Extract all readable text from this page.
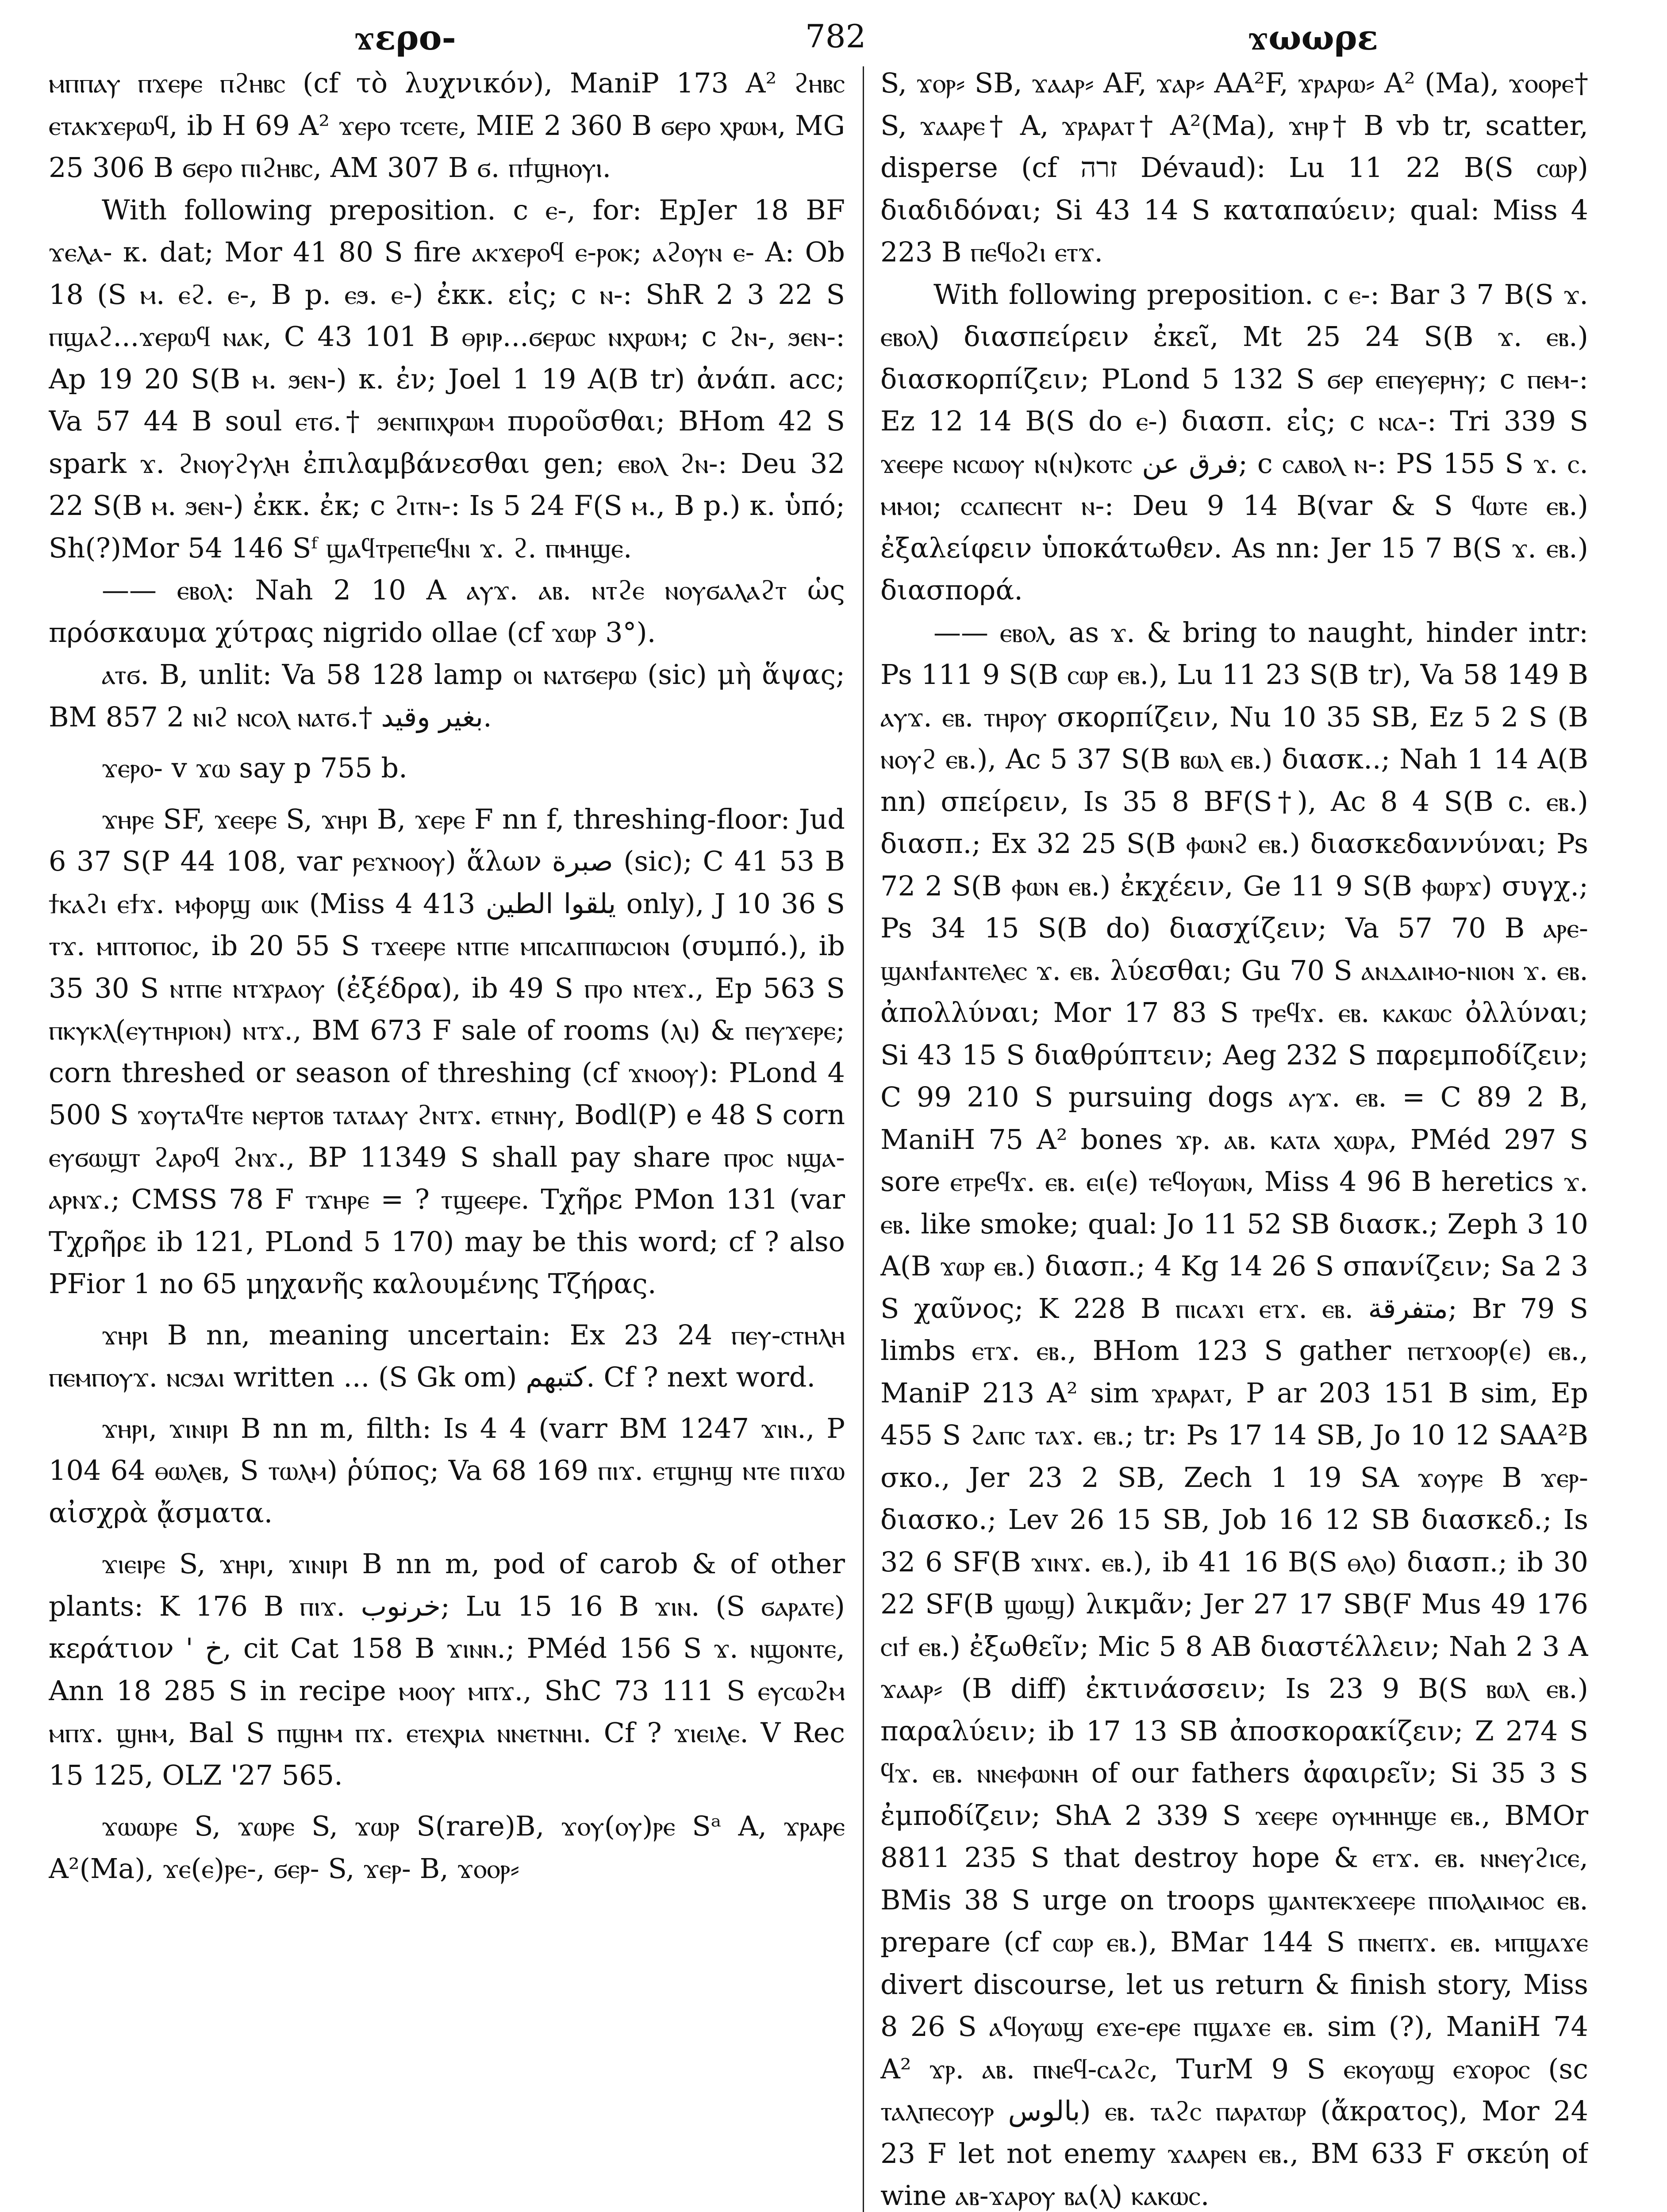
ϫερο-	782	ϫωωρε

ⲙⲡⲡⲁⲩ ⲡϫⲉⲣⲉ ⲡϩⲏⲃⲥ (cf τὸ λυχνικόν), ManiP 173 A² ϩⲏⲃⲥ ⲉⲧⲁⲕϫⲉⲣⲱϥ, ib H 69 A² ϫⲉⲣⲟ ⲧⲥⲉⲧⲉ, MIE 2 360 B ϭⲉⲣⲟ ⲭⲣⲱⲙ, MG 25 306 B ϭⲉⲣⲟ ⲡⲓϩⲏⲃⲥ, AM 307 B ϭ. ⲡϯϣⲏⲟⲩⲓ.

With following preposition. c ⲉ-, for: EpJer 18 BF ϫⲉⲗⲁ- κ. dat; Mor 41 80 S fire ⲁⲕϫⲉⲣⲟϥ ⲉ-ⲣⲟⲕ; ⲁϩⲟⲩⲛ ⲉ- A: Ob 18 (S ⲙ. ⲉϩ. ⲉ-, B p. ⲉϧ. ⲉ-) ἐκκ. εἰς; c ⲛ-: ShR 2 3 22 S ⲡϣⲁϩ...ϫⲉⲣⲱϥ ⲛⲁⲕ, C 43 101 B ⲑⲣⲓⲣ...ϭⲉⲣⲱⲥ ⲛⲭⲣⲱⲙ; c ϩⲛ-, ϧⲉⲛ-: Ap 19 20 S(B ⲙ. ϧⲉⲛ-) κ. ἐν; Joel 1 19 A(B tr) ἀνάπ. acc; Va 57 44 B soul ⲉⲧϭ.† ϧⲉⲛⲡⲓⲭⲣⲱⲙ πυροῦσθαι; BHom 42 S spark ϫ. ϩⲛⲟⲩϩⲩⲗⲏ ἐπιλαμβάνεσθαι gen; ⲉⲃⲟⲗ ϩⲛ-: Deu 32 22 S(B ⲙ. ϧⲉⲛ-) ἐκκ. ἐκ; c ϩⲓⲧⲛ-: Is 5 24 F(S ⲙ., B p.) κ. ὑπό; Sh(?)Mor 54 146 Sᶠ ϣⲁϥⲧⲣⲉⲡⲉϥⲛⲓ ϫ. ϩ. ⲡⲙⲏϣⲉ.

—— ⲉⲃⲟⲗ: Nah 2 10 A ⲁⲩϫ. ⲁⲃ. ⲛⲧϩⲉ ⲛⲟⲩϭⲁⲗⲁϩⲧ ὡς πρόσκαυμα χύτρας nigrido ollae (cf ϫⲱⲣ 3°).

ⲁⲧϭ. B, unlit: Va 58 128 lamp ⲟⲓ ⲛⲁⲧϭⲉⲣⲱ (sic) μὴ ἅψας; BM 857 2 ⲛⲓϩ ⲛⲥⲟⲗ ⲛⲁⲧϭ.† بغير وقيد.

ϫⲉⲣⲟ- v ϫⲱ say p 755 b.

ϫⲏⲣⲉ SF, ϫⲉⲉⲣⲉ S, ϫⲏⲣⲓ B, ϫⲉⲣⲉ F nn f, threshing-floor: Jud 6 37 S(P 44 108, var ⲣⲉϫⲛⲟⲟⲩ) ἅλων صبرة (sic); C 41 53 B ϯⲕⲁϩⲓ ⲉϯϫ. ⲙⲫⲟⲣϣ ⲱⲓⲕ (Miss 4 413 يلقوا الطين only), J 10 36 S ⲧϫ. ⲙⲡⲧⲟⲡⲟⲥ, ib 20 55 S ⲧϫⲉⲉⲣⲉ ⲛⲧⲡⲉ ⲙⲡⲥⲁⲡⲡⲱⲥⲓⲟⲛ (συμπό.), ib 35 30 S ⲛⲧⲡⲉ ⲛⲧϫⲣⲁⲟⲩ (ἐξέδρα), ib 49 S ⲡⲣⲟ ⲛⲧⲉϫ., Ep 563 S ⲡⲕⲩⲕⲗ(ⲉⲩⲧⲏⲣⲓⲟⲛ) ⲛⲧϫ., BM 673 F sale of rooms (ⲗⲓ) & ⲡⲉⲩϫⲉⲣⲉ; corn threshed or season of threshing (cf ϫⲛⲟⲟⲩ): PLond 4 500 S ϫⲟⲩⲧⲁϥⲧⲉ ⲛⲉⲣⲧⲟⲃ ⲧⲁⲧⲁⲁⲩ ϩⲛⲧϫ. ⲉⲧⲛⲏⲩ, Bodl(P) e 48 S corn ⲉⲩϭⲱϣⲧ ϩⲁⲣⲟϥ ϩⲛϫ., BP 11349 S shall pay share ⲡⲣⲟⲥ ⲛϣⲁ-ⲁⲣⲛϫ.; CMSS 78 F ⲧϫⲏⲣⲉ = ? ⲧϣⲉⲉⲣⲉ. Τχῆρε PMon 131 (var Τχρῆρε ib 121, PLond 5 170) may be this word; cf ? also PFior 1 no 65 μηχανῆς καλουμένης Τζήρας.

ϫⲏⲣⲓ B nn, meaning uncertain: Ex 23 24 ⲡⲉⲩ-ⲥⲧⲏⲗⲏ ⲡⲉⲙⲡⲟⲩϫ. ⲛⲥϧⲁⲓ written ... (S Gk om) كتبهم. Cf ? next word.

ϫⲏⲣⲓ, ϫⲓⲛⲓⲣⲓ B nn m, filth: Is 4 4 (varr BM 1247 ϫⲓⲛ., P 104 64 ⲑⲱⲗⲉⲃ, S ⲧⲱⲗⲙ) ῥύπος; Va 68 169 ⲡⲓϫ. ⲉⲧϣⲏϣ ⲛⲧⲉ ⲡⲓϫⲱ αἰσχρὰ ᾄσματα.

ϫⲓⲉⲓⲣⲉ S, ϫⲏⲣⲓ, ϫⲓⲛⲓⲣⲓ B nn m, pod of carob & of other plants: K 176 B ⲡⲓϫ. خرنوب; Lu 15 16 B ϫⲓⲛ. (S ϭⲁⲣⲁⲧⲉ) κεράτιον ' خ, cit Cat 158 B ϫⲓⲛⲛ.; PMéd 156 S ϫ. ⲛϣⲟⲛⲧⲉ, Ann 18 285 S in recipe ⲙⲟⲟⲩ ⲙⲡϫ., ShC 73 111 S ⲉⲩⲥⲱϩⲙ ⲙⲡϫ. ϣⲏⲙ, Bal S ⲡϣⲏⲙ ⲡϫ. ⲉⲧⲉⲭⲣⲓⲁ ⲛⲛⲉⲧⲛⲏⲓ. Cf ? ϫⲓⲉⲓⲗⲉ. V Rec 15 125, OLZ '27 565.

ϫⲱⲱⲣⲉ S, ϫⲱⲣⲉ S, ϫⲱⲣ S(rare)B, ϫⲟⲩ(ⲟⲩ)ⲣⲉ Sᵃ A, ϫⲣⲁⲣⲉ A²(Ma), ϫⲉ(ⲉ)ⲣⲉ-, ϭⲉⲣ- S, ϫⲉⲣ- B, ϫⲟⲟⲣ⸗

S, ϫⲟⲣ⸗ SB, ϫⲁⲁⲣ⸗ AF, ϫⲁⲣ⸗ AA²F, ϫⲣⲁⲣⲱ⸗ A² (Ma), ϫⲟⲟⲣⲉ† S, ϫⲁⲁⲣⲉ† A, ϫⲣⲁⲣⲁⲧ† A²(Ma), ϫⲏⲣ† B vb tr, scatter, disperse (cf זרה Dévaud): Lu 11 22 B(S ⲥⲱⲣ) διαδιδόναι; Si 43 14 S καταπαύειν; qual: Miss 4 223 B ⲡⲉϥⲟϩⲓ ⲉⲧϫ.

With following preposition. c ⲉ-: Bar 3 7 B(S ϫ. ⲉⲃⲟⲗ) διασπείρειν ἐκεῖ, Mt 25 24 S(B ϫ. ⲉⲃ.) διασκορπίζειν; PLond 5 132 S ϭⲉⲣ ⲉⲡⲉⲩⲉⲣⲏⲩ; c ⲡⲉⲙ-: Ez 12 14 B(S do ⲉ-) διασπ. εἰς; c ⲛⲥⲁ-: Tri 339 S ϫⲉⲉⲣⲉ ⲛⲥⲱⲟⲩ ⲛ(ⲛ)ⲕⲟⲧⲥ فرق عن; c ⲥⲁⲃⲟⲗ ⲛ-: PS 155 S ϫ. ⲥ. ⲙⲙⲟⲓ; ⲥⲥⲁⲡⲉⲥⲏⲧ ⲛ-: Deu 9 14 B(var & S ϥⲱⲧⲉ ⲉⲃ.) ἐξαλείφειν ὑποκάτωθεν. As nn: Jer 15 7 B(S ϫ. ⲉⲃ.) διασπορά.

—— ⲉⲃⲟⲗ, as ϫ. & bring to naught, hinder intr: Ps 111 9 S(B ⲥⲱⲣ ⲉⲃ.), Lu 11 23 S(B tr), Va 58 149 B ⲁⲩϫ. ⲉⲃ. ⲧⲏⲣⲟⲩ σκορπίζειν, Nu 10 35 SB, Ez 5 2 S (B ⲛⲟⲩϩ ⲉⲃ.), Ac 5 37 S(B ⲃⲱⲗ ⲉⲃ.) διασκ..; Nah 1 14 A(B nn) σπείρειν, Is 35 8 BF(S†), Ac 8 4 S(B c. ⲉⲃ.) διασπ.; Ex 32 25 S(B ⲫⲱⲛϩ ⲉⲃ.) διασκεδαννύναι; Ps 72 2 S(B ⲫⲱⲛ ⲉⲃ.) ἐκχέειν, Ge 11 9 S(B ⲫⲱⲣϫ) συγχ.; Ps 34 15 S(B do) διασχίζειν; Va 57 70 B ⲁⲣⲉ-ϣⲁⲛϯⲁⲛⲧⲉⲗⲉⲥ ϫ. ⲉⲃ. λύεσθαι; Gu 70 S ⲁⲛⲇⲁⲓⲙⲟ-ⲛⲓⲟⲛ ϫ. ⲉⲃ. ἀπολλύναι; Mor 17 83 S ⲧⲣⲉϥϫ. ⲉⲃ. ⲕⲁⲕⲱⲥ ὀλλύναι; Si 43 15 S διαθρύπτειν; Aeg 232 S παρεμποδίζειν; C 99 210 S pursuing dogs ⲁⲩϫ. ⲉⲃ. = C 89 2 B, ManiH 75 A² bones ϫⲣ. ⲁⲃ. ⲕⲁⲧⲁ ⲭⲱⲣⲁ, PMéd 297 S sore ⲉⲧⲣⲉϥϫ. ⲉⲃ. ⲉⲓ(ⲉ) ⲧⲉϥⲟⲩⲱⲛ, Miss 4 96 B heretics ϫ. ⲉⲃ. like smoke; qual: Jo 11 52 SB διασκ.; Zeph 3 10 A(B ϫⲱⲣ ⲉⲃ.) διασπ.; 4 Kg 14 26 S σπανίζειν; Sa 2 3 S χαῦνος; K 228 B ⲡⲓⲥⲁϫⲓ ⲉⲧϫ. ⲉⲃ. متفرقة; Br 79 S limbs ⲉⲧϫ. ⲉⲃ., BHom 123 S gather ⲡⲉⲧϫⲟⲟⲣ(ⲉ) ⲉⲃ., ManiP 213 A² sim ϫⲣⲁⲣⲁⲧ, P ar 203 151 B sim, Ep 455 S ϩⲁⲡⲥ ⲧⲁϫ. ⲉⲃ.; tr: Ps 17 14 SB, Jo 10 12 SAA²B σκο., Jer 23 2 SB, Zech 1 19 SA ϫⲟⲩⲣⲉ B ϫⲉⲣ- διασκο.; Lev 26 15 SB, Job 16 12 SB διασκεδ.; Is 32 6 SF(B ϫⲓⲛϫ. ⲉⲃ.), ib 41 16 B(S ⲑⲗⲟ) διασπ.; ib 30 22 SF(B ϣⲱϣ) λικμᾶν; Jer 27 17 SB(F Mus 49 176 ⲥⲓϯ ⲉⲃ.) ἐξωθεῖν; Mic 5 8 AB διαστέλλειν; Nah 2 3 A ϫⲁⲁⲣ⸗ (B diff) ἐκτινάσσειν; Is 23 9 B(S ⲃⲱⲗ ⲉⲃ.) παραλύειν; ib 17 13 SB ἀποσκορακίζειν; Z 274 S ϥϫ. ⲉⲃ. ⲛⲛⲉⲫⲱⲛⲏ of our fathers ἀφαιρεῖν; Si 35 3 S ἐμποδίζειν; ShA 2 339 S ϫⲉⲉⲣⲉ ⲟⲩⲙⲏⲏϣⲉ ⲉⲃ., BMOr 8811 235 S that destroy hope & ⲉⲧϫ. ⲉⲃ. ⲛⲛⲉⲩϩⲓⲥⲉ, BMis 38 S urge on troops ϣⲁⲛⲧⲉⲕϫⲉⲉⲣⲉ ⲡⲡⲟⲗⲁⲓⲙⲟⲥ ⲉⲃ. prepare (cf ⲥⲱⲣ ⲉⲃ.), BMar 144 S ⲡⲛⲉⲡϫ. ⲉⲃ. ⲙⲡϣⲁϫⲉ divert discourse, let us return & finish story, Miss 8 26 S ⲁϥⲟⲩⲱϣ ⲉϫⲉ-ⲉⲣⲉ ⲡϣⲁϫⲉ ⲉⲃ. sim (?), ManiH 74 A² ϫⲣ. ⲁⲃ. ⲡⲛⲉϥ-ⲥⲁϩⲥ, TurM 9 S ⲉⲕⲟⲩⲱϣ ⲉϫⲟⲣⲟⲥ (sc ⲧⲁⲗⲡⲉⲥⲟⲩⲣ بالوس) ⲉⲃ. ⲧⲁϩⲥ ⲡⲁⲣⲁⲧⲱⲣ (ἄκρατος), Mor 24 23 F let not enemy ϫⲁⲁⲣⲉⲛ ⲉⲃ., BM 633 F σκεύη of wine ⲁⲃ-ϫⲁⲣⲟⲩ ⲃⲁ(ⲗ) ⲕⲁⲕⲱⲥ.
